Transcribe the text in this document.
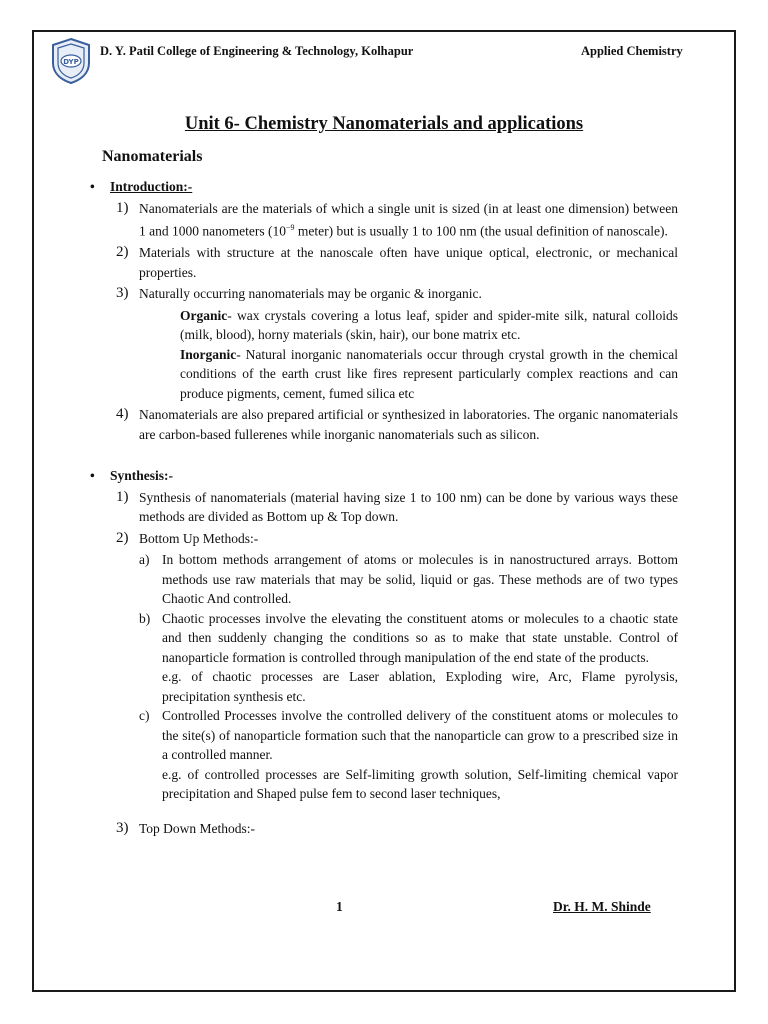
DYP
D. Y. Patil College of Engineering & Technology, Kolhapur	Applied Chemistry
Unit 6- Chemistry Nanomaterials and applications
Nanomaterials
• Introduction:-
1) Nanomaterials are the materials of which a single unit is sized (in at least one dimension) between 1 and 1000 nanometers ($10^{-9}$ meter) but is usually 1 to 100 nm (the usual definition of nanoscale).
2) Materials with structure at the nanoscale often have unique optical, electronic, or mechanical properties.
3) Naturally occurring nanomaterials may be organic & inorganic.
Organic- wax crystals covering a lotus leaf, spider and spider-mite silk, natural colloids (milk, blood), horny materials (skin, hair), our bone matrix etc.
Inorganic- Natural inorganic nanomaterials occur through crystal growth in the chemical conditions of the earth crust like fires represent particularly complex reactions and can produce pigments, cement, fumed silica etc
4) Nanomaterials are also prepared artificial or synthesized in laboratories. The organic nanomaterials are carbon-based fullerenes while inorganic nanomaterials such as silicon.
• Synthesis:-
1) Synthesis of nanomaterials (material having size 1 to 100 nm) can be done by various ways these methods are divided as Bottom up & Top down.
2) Bottom Up Methods:-
a) In bottom methods arrangement of atoms or molecules is in nanostructured arrays. Bottom methods use raw materials that may be solid, liquid or gas. These methods are of two types Chaotic And controlled.
b) Chaotic processes involve the elevating the constituent atoms or molecules to a chaotic state and then suddenly changing the conditions so as to make that state unstable. Control of nanoparticle formation is controlled through manipulation of the end state of the products.
e.g. of chaotic processes are Laser ablation, Exploding wire, Arc, Flame pyrolysis, precipitation synthesis etc.
c) Controlled Processes involve the controlled delivery of the constituent atoms or molecules to the site(s) of nanoparticle formation such that the nanoparticle can grow to a prescribed size in a controlled manner.
e.g. of controlled processes are Self-limiting growth solution, Self-limiting chemical vapor precipitation and Shaped pulse fem to second laser techniques,
3) Top Down Methods:-
1	Dr. H. M. Shinde
